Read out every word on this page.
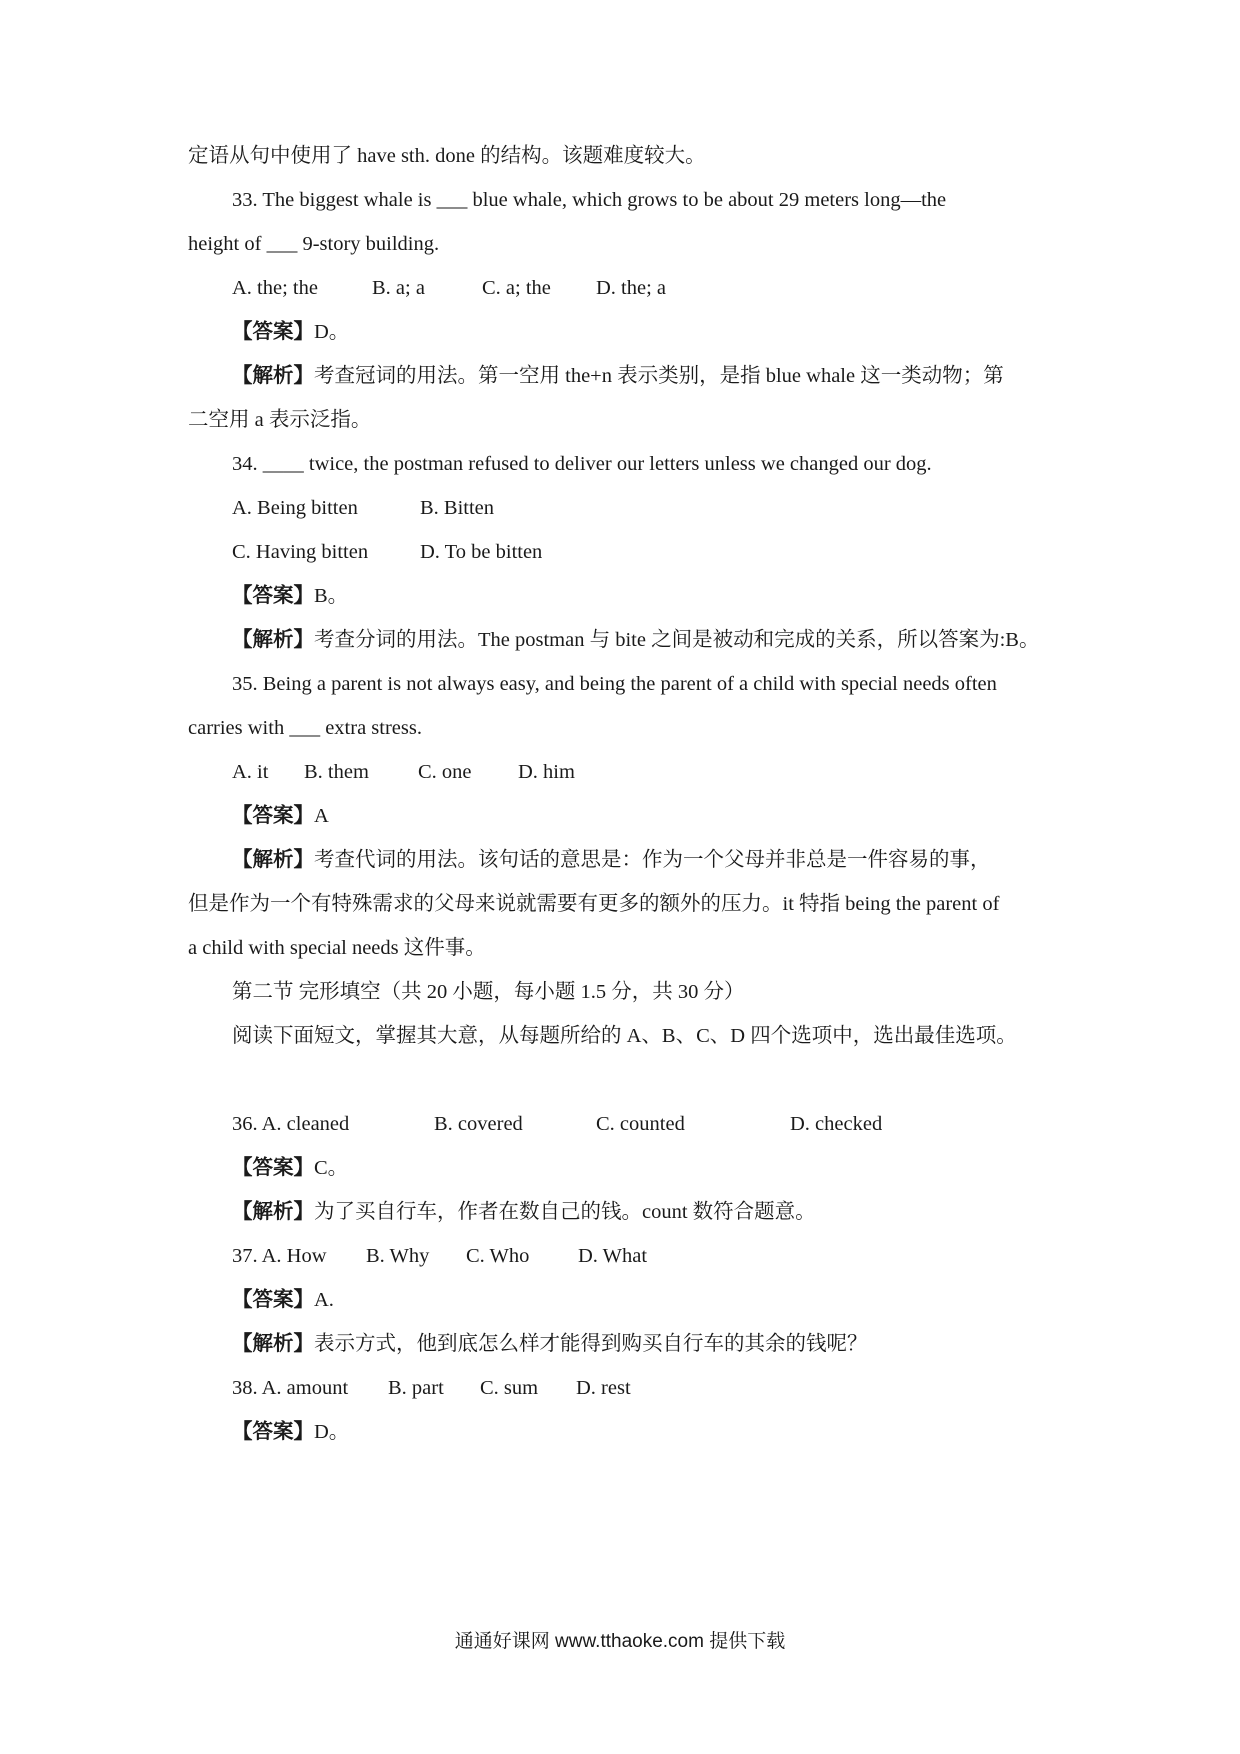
定语从句中使用了 have sth. done 的结构。该题难度较大。
33. The biggest whale is ___ blue whale, which grows to be about 29 meters long—the
height of ___ 9-story building.
A. the; the	B. a; a	C. a; the D. the; a
【答案】D。
【解析】考查冠词的用法。第一空用 the+n 表示类别，是指 blue whale 这一类动物；第
二空用 a 表示泛指。
34. ____ twice, the postman refused to deliver our letters unless we changed our dog.
A. Being bitten	B. Bitten
C. Having bitten	D. To be bitten
【答案】B。
【解析】考查分词的用法。The postman 与 bite 之间是被动和完成的关系，所以答案为:B。
35. Being a parent is not always easy, and being the parent of a child with special needs often
carries with ___ extra stress.
A. it B. them C. one D. him
【答案】A
【解析】考查代词的用法。该句话的意思是：作为一个父母并非总是一件容易的事，
但是作为一个有特殊需求的父母来说就需要有更多的额外的压力。it 特指 being the parent of
a child with special needs 这件事。
第二节 完形填空（共 20 小题，每小题 1.5 分，共 30 分）
阅读下面短文，掌握其大意，从每题所给的 A、B、C、D 四个选项中，选出最佳选项。
36. A. cleaned	B. covered	C. counted	D. checked
【答案】C。
【解析】为了买自行车，作者在数自己的钱。count 数符合题意。
37. A. How B. Why C. Who D. What
【答案】A.
【解析】表示方式，他到底怎么样才能得到购买自行车的其余的钱呢？
38. A. amount B. part C. sum D. rest
【答案】D。
通通好课网 www.tthaoke.com 提供下载
